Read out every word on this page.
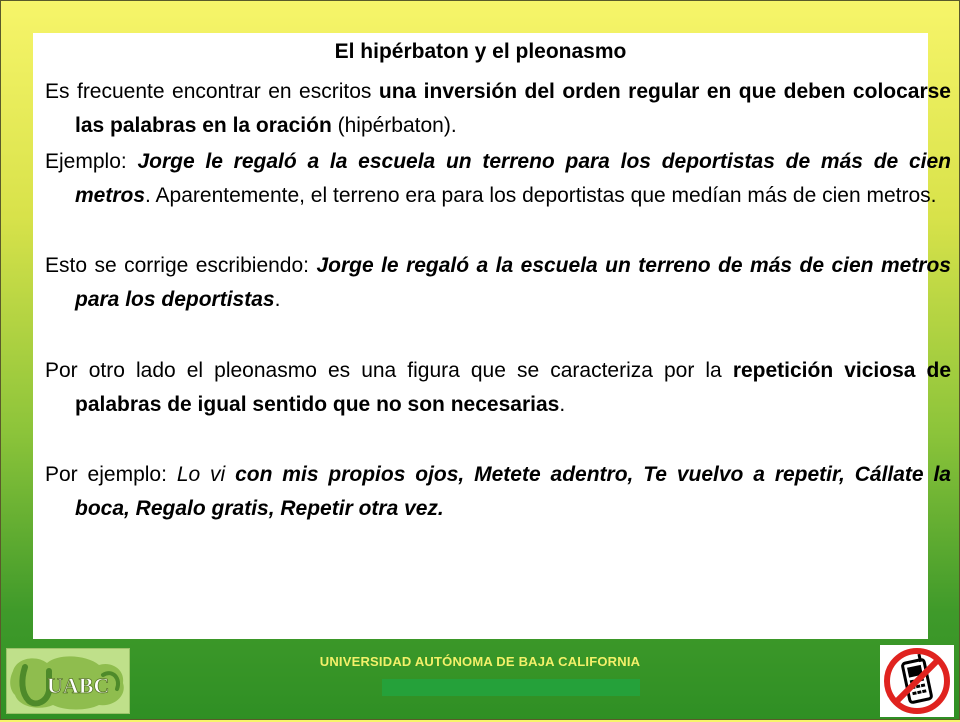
El hipérbaton y el pleonasmo
Es frecuente encontrar en escritos una inversión del orden regular en que deben colocarse las palabras en la oración (hipérbaton).
Ejemplo: Jorge le regaló a la escuela un terreno para los deportistas de más de cien metros. Aparentemente, el terreno era para los deportistas que medían más de cien metros.
Esto se corrige escribiendo: Jorge le regaló a la escuela un terreno de más de cien metros para los deportistas.
Por otro lado el pleonasmo es una figura que se caracteriza por la repetición viciosa de palabras de igual sentido que no son necesarias.
Por ejemplo: Lo vi con mis propios ojos, Metete adentro, Te vuelvo a repetir, Cállate la boca, Regalo gratis, Repetir otra vez.
UABC
UNIVERSIDAD AUTÓNOMA DE BAJA CALIFORNIA
